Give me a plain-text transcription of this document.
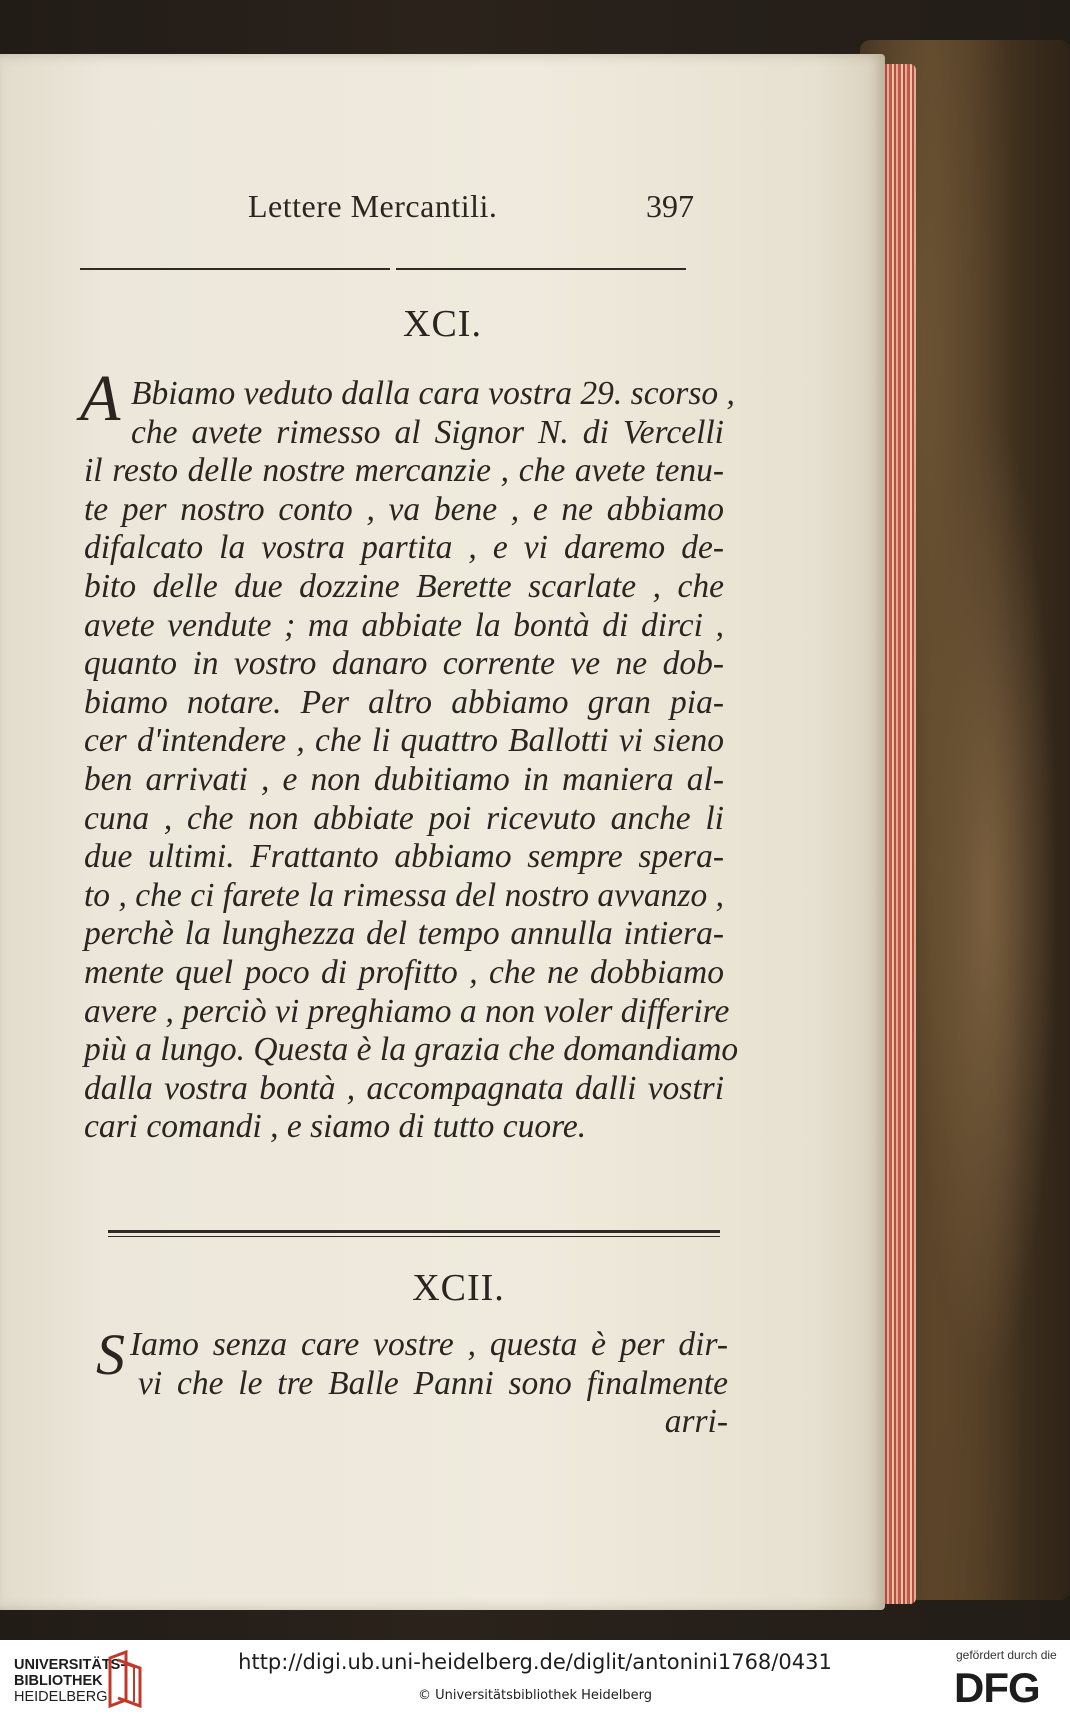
Lettere Mercantili.	397
XCI.
A Bbiamo veduto dalla cara vostra 29. scorso ,
che avete rimesso al Signor N. di Vercelli
il resto delle nostre mercanzie , che avete tenu-
te per nostro conto , va bene , e ne abbiamo
difalcato la vostra partita , e vi daremo de-
bito delle due dozzine Berette scarlate , che
avete vendute ; ma abbiate la bontà di dirci ,
quanto in vostro danaro corrente ve ne dob-
biamo notare. Per altro abbiamo gran pia-
cer d'intendere , che li quattro Ballotti vi sieno
ben arrivati , e non dubitiamo in maniera al-
cuna , che non abbiate poi ricevuto anche li
due ultimi. Frattanto abbiamo sempre spera-
to , che ci farete la rimessa del nostro avvanzo ,
perchè la lunghezza del tempo annulla intiera-
mente quel poco di profitto , che ne dobbiamo
avere , perciò vi preghiamo a non voler differire
più a lungo. Questa è la grazia che domandiamo
dalla vostra bontà , accompagnata dalli vostri
cari comandi , e siamo di tutto cuore.
XCII.
S Iamo senza care vostre , questa è per dir-
vi che le tre Balle Panni sono finalmente
arri-
UNIVERSITÄTS-
BIBLIOTHEK
HEIDELBERG
http://digi.ub.uni-heidelberg.de/diglit/antonini1768/0431
© Universitätsbibliothek Heidelberg
gefördert durch die
DFG
